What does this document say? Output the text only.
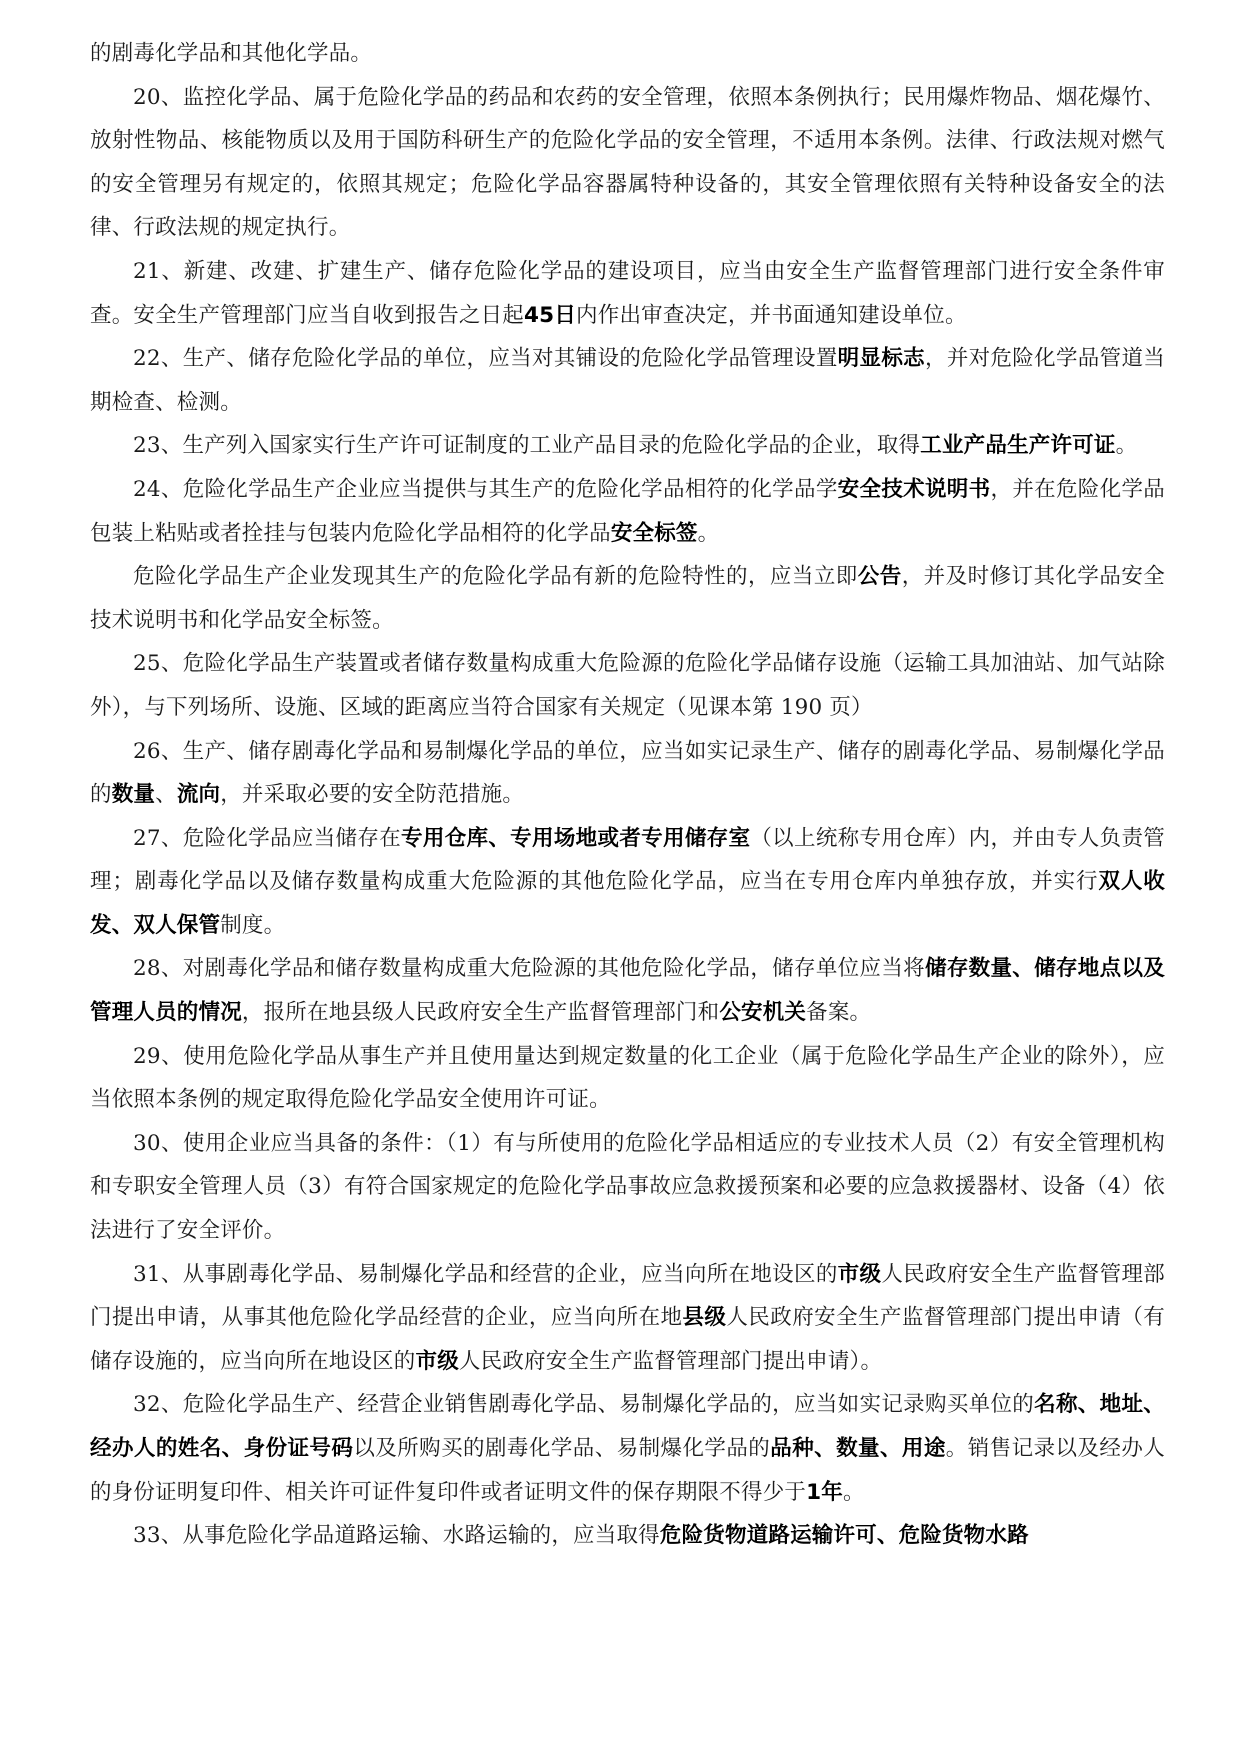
的剧毒化学品和其他化学品。

20、监控化学品、属于危险化学品的药品和农药的安全管理，依照本条例执行；民用爆炸物品、烟花爆竹、放射性物品、核能物质以及用于国防科研生产的危险化学品的安全管理，不适用本条例。法律、行政法规对燃气的安全管理另有规定的，依照其规定；危险化学品容器属特种设备的，其安全管理依照有关特种设备安全的法律、行政法规的规定执行。

21、新建、改建、扩建生产、储存危险化学品的建设项目，应当由安全生产监督管理部门进行安全条件审查。安全生产管理部门应当自收到报告之日起45日内作出审查决定，并书面通知建设单位。

22、生产、储存危险化学品的单位，应当对其铺设的危险化学品管理设置明显标志，并对危险化学品管道当期检查、检测。

23、生产列入国家实行生产许可证制度的工业产品目录的危险化学品的企业，取得工业产品生产许可证。

24、危险化学品生产企业应当提供与其生产的危险化学品相符的化学品学安全技术说明书，并在危险化学品包装上粘贴或者拴挂与包装内危险化学品相符的化学品安全标签。

危险化学品生产企业发现其生产的危险化学品有新的危险特性的，应当立即公告，并及时修订其化学品安全技术说明书和化学品安全标签。

25、危险化学品生产装置或者储存数量构成重大危险源的危险化学品储存设施（运输工具加油站、加气站除外），与下列场所、设施、区域的距离应当符合国家有关规定（见课本第 190 页）

26、生产、储存剧毒化学品和易制爆化学品的单位，应当如实记录生产、储存的剧毒化学品、易制爆化学品的数量、流向，并采取必要的安全防范措施。

27、危险化学品应当储存在专用仓库、专用场地或者专用储存室（以上统称专用仓库）内，并由专人负责管理；剧毒化学品以及储存数量构成重大危险源的其他危险化学品，应当在专用仓库内单独存放，并实行双人收发、双人保管制度。

28、对剧毒化学品和储存数量构成重大危险源的其他危险化学品，储存单位应当将储存数量、储存地点以及管理人员的情况，报所在地县级人民政府安全生产监督管理部门和公安机关备案。

29、使用危险化学品从事生产并且使用量达到规定数量的化工企业（属于危险化学品生产企业的除外），应当依照本条例的规定取得危险化学品安全使用许可证。

30、使用企业应当具备的条件：（1）有与所使用的危险化学品相适应的专业技术人员（2）有安全管理机构和专职安全管理人员（3）有符合国家规定的危险化学品事故应急救援预案和必要的应急救援器材、设备（4）依法进行了安全评价。

31、从事剧毒化学品、易制爆化学品和经营的企业，应当向所在地设区的市级人民政府安全生产监督管理部门提出申请，从事其他危险化学品经营的企业，应当向所在地县级人民政府安全生产监督管理部门提出申请（有储存设施的，应当向所在地设区的市级人民政府安全生产监督管理部门提出申请）。

32、危险化学品生产、经营企业销售剧毒化学品、易制爆化学品的，应当如实记录购买单位的名称、地址、经办人的姓名、身份证号码以及所购买的剧毒化学品、易制爆化学品的品种、数量、用途。销售记录以及经办人的身份证明复印件、相关许可证件复印件或者证明文件的保存期限不得少于1年。

33、从事危险化学品道路运输、水路运输的，应当取得危险货物道路运输许可、危险货物水路
